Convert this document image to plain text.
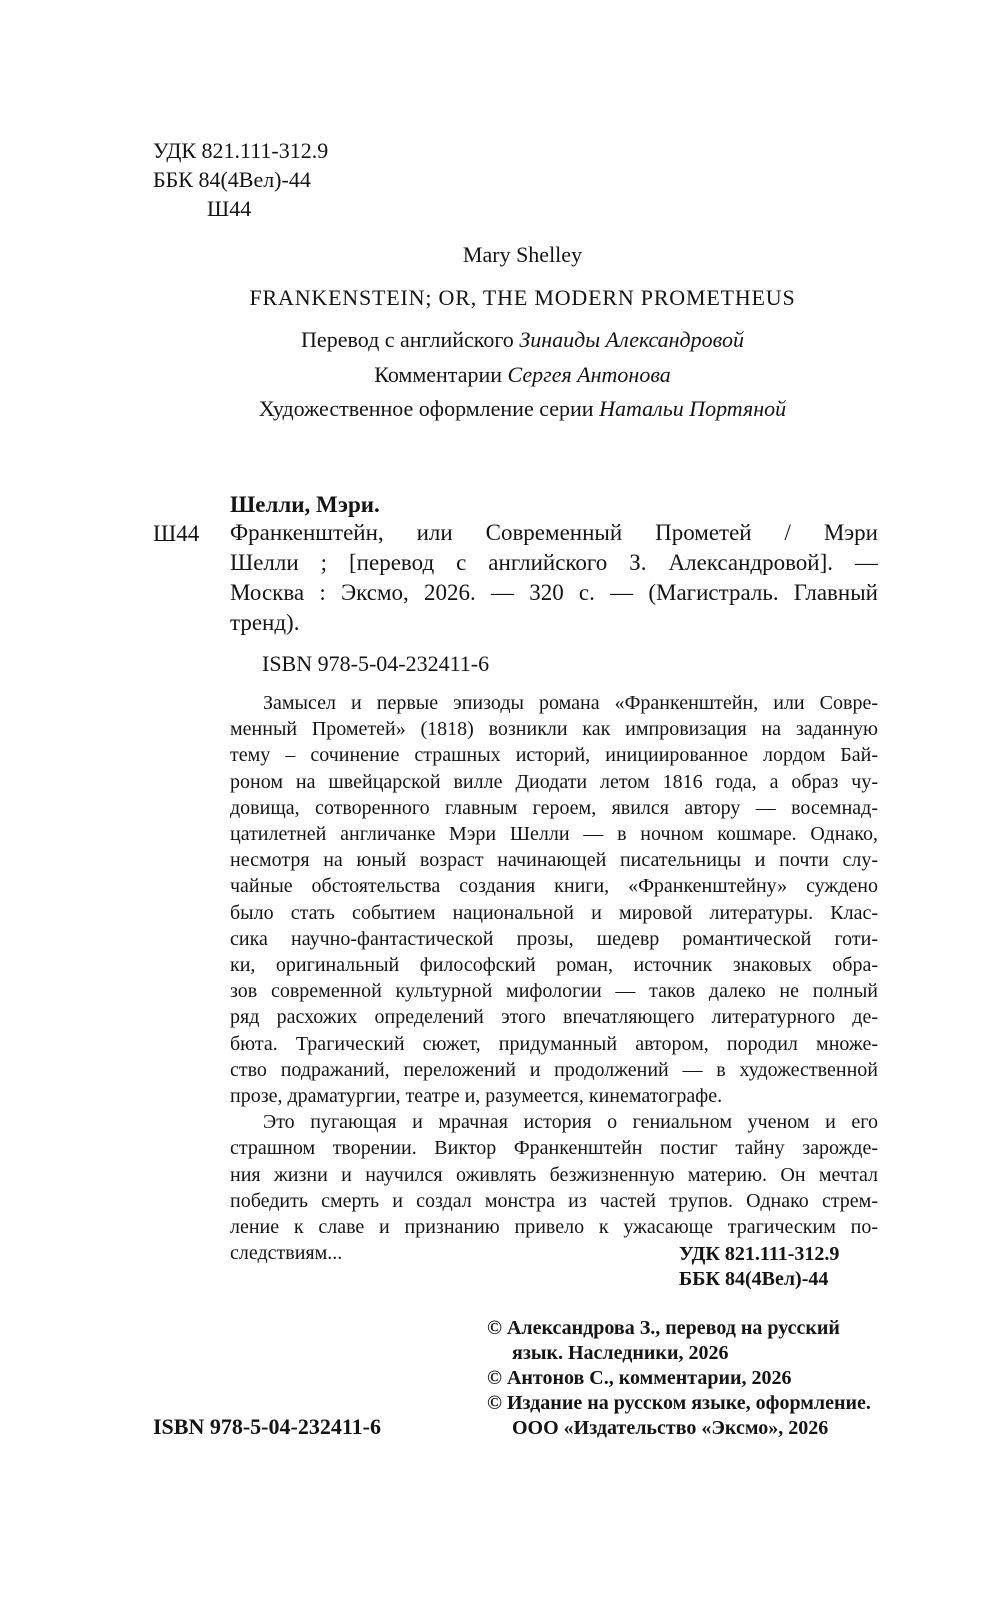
УДК 821.111-312.9
ББК 84(4Вел)-44
Ш44
Mary Shelley
FRANKENSTEIN; OR, THE MODERN PROMETHEUS
Перевод с английского Зинаиды Александровой
Комментарии Сергея Антонова
Художественное оформление серии Натальи Портяной
Шелли, Мэри.
Ш44 Франкенштейн, или Современный Прометей / Мэри
Шелли ; [перевод с английского З. Александровой]. —
Москва : Эксмо, 2026. — 320 с. — (Магистраль. Главный
тренд).
ISBN 978-5-04-232411-6
Замысел и первые эпизоды романа «Франкенштейн, или Совре-
менный Прометей» (1818) возникли как импровизация на заданную
тему – сочинение страшных историй, инициированное лордом Бай-
роном на швейцарской вилле Диодати летом 1816 года, а образ чу-
довища, сотворенного главным героем, явился автору — восемнад-
цатилетней англичанке Мэри Шелли — в ночном кошмаре. Однако,
несмотря на юный возраст начинающей писательницы и почти слу-
чайные обстоятельства создания книги, «Франкенштейну» суждено
было стать событием национальной и мировой литературы. Клас-
сика научно-фантастической прозы, шедевр романтической готи-
ки, оригинальный философский роман, источник знаковых обра-
зов современной культурной мифологии — таков далеко не полный
ряд расхожих определений этого впечатляющего литературного де-
бюта. Трагический сюжет, придуманный автором, породил множе-
ство подражаний, переложений и продолжений — в художественной
прозе, драматургии, театре и, разумеется, кинематографе.
Это пугающая и мрачная история о гениальном ученом и его
страшном творении. Виктор Франкенштейн постиг тайну зарожде-
ния жизни и научился оживлять безжизненную материю. Он мечтал
победить смерть и создал монстра из частей трупов. Однако стрем-
ление к славе и признанию привело к ужасающе трагическим по-
следствиям...	УДК 821.111-312.9
ББК 84(4Вел)-44
© Александрова З., перевод на русский
язык. Наследники, 2026
© Антонов С., комментарии, 2026
© Издание на русском языке, оформление.
ООО «Издательство «Эксмо», 2026
ISBN 978-5-04-232411-6
